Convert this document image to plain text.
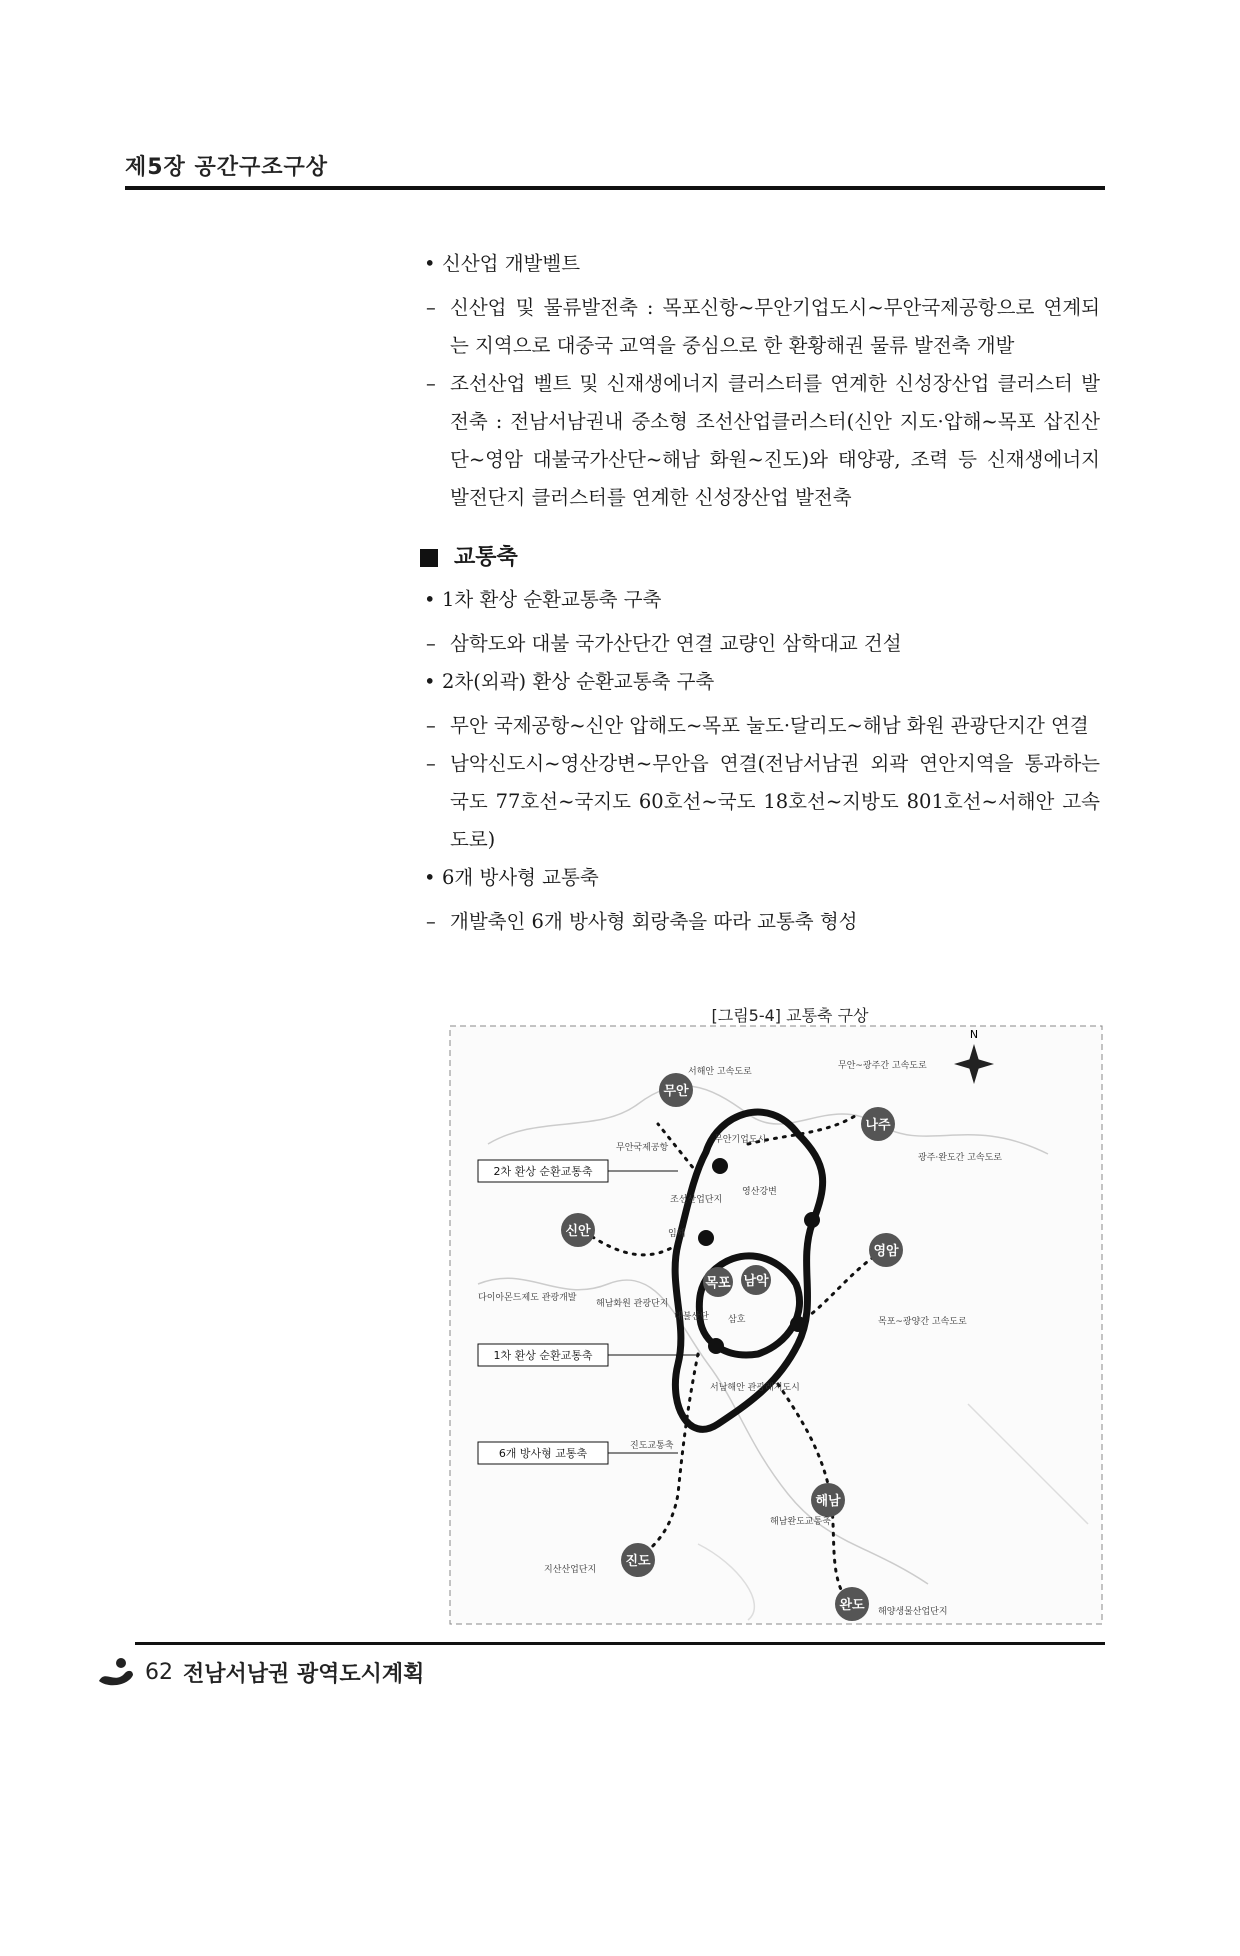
제5장 공간구조구상

• 신산업 개발벨트

– 신산업 및 물류발전축 : 목포신항~무안기업도시~무안국제공항으로 연계되는 지역으로 대중국 교역을 중심으로 한 환황해권 물류 발전축 개발

– 조선산업 벨트 및 신재생에너지 클러스터를 연계한 신성장산업 클러스터 발전축 : 전남서남권내 중소형 조선산업클러스터(신안 지도·압해~목포 삽진산단~영암 대불국가산단~해남 화원~진도)와 태양광, 조력 등 신재생에너지 발전단지 클러스터를 연계한 신성장산업 발전축

교통축

• 1차 환상 순환교통축 구축

– 삼학도와 대불 국가산단간 연결 교량인 삼학대교 건설

• 2차(외곽) 환상 순환교통축 구축

– 무안 국제공항~신안 압해도~목포 눌도·달리도~해남 화원 관광단지간 연결

– 남악신도시~영산강변~무안읍 연결(전남서남권 외곽 연안지역을 통과하는 국도 77호선~국지도 60호선~국도 18호선~지방도 801호선~서해안 고속도로)

• 6개 방사형 교통축

– 개발축인 6개 방사형 회랑축을 따라 교통축 형성

[그림5-4] 교통축 구상
N
무안
나주
신안
영암
목포 남악
진도
해남
완도
서해안 고속도로
무안~광주간 고속도로
무안기업도시
무안국제공항
광주·완도간 고속도로
영산강변
목포~광양간 고속도로
해남화원 관광단지
서남해안 관광레저도시
진도교통축
해남완도교통축
지산산업단지
해양생물산업단지
조선산업단지
대불산단 삼호
임해
다이아몬드제도 관광개발
2차 환상 순환교통축
1차 환상 순환교통축
6개 방사형 교통축
62 전남서남권 광역도시계획
